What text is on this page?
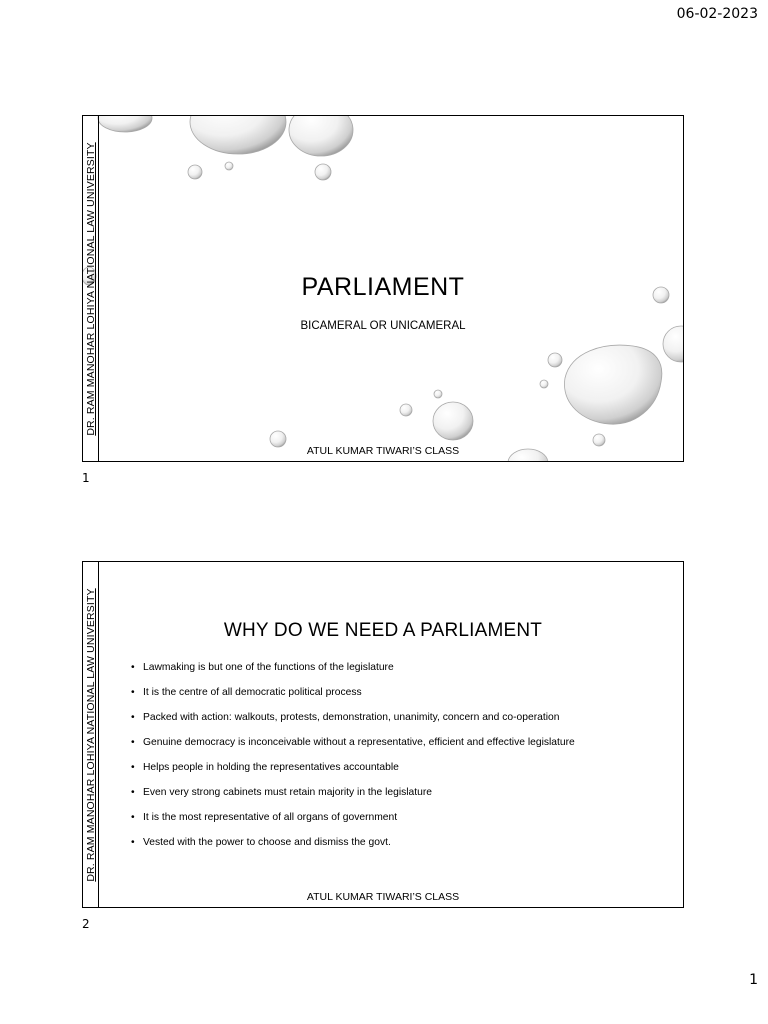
06-02-2023
DR. RAM MANOHAR LOHIYA NATIONAL LAW UNIVERSITY	PARLIAMENT
BICAMERAL OR UNICAMERAL
ATUL KUMAR TIWARI’S CLASS
1
DR. RAM MANOHAR LOHIYA NATIONAL LAW UNIVERSITY	WHY DO WE NEED A PARLIAMENT
• Lawmaking is but one of the functions of the legislature
• It is the centre of all democratic political process
• Packed with action: walkouts, protests, demonstration, unanimity, concern and co-operation
• Genuine democracy is inconceivable without a representative, efficient and effective legislature
• Helps people in holding the representatives accountable
• Even very strong cabinets must retain majority in the legislature
• It is the most representative of all organs of government
• Vested with the power to choose and dismiss the govt.
ATUL KUMAR TIWARI’S CLASS
2
1
